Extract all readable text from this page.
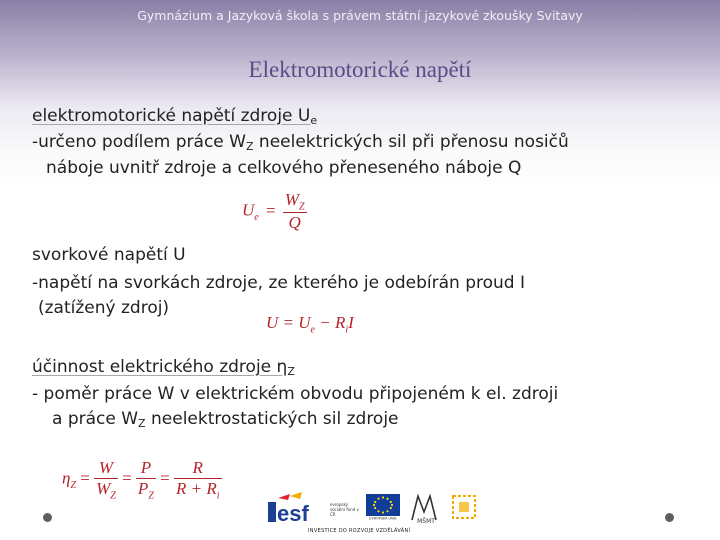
Gymnázium a Jazyková škola s právem státní jazykové zkoušky Svitavy
Elektromotorické napětí
elektromotorické napětí zdroje $U_e$
-určeno podílem práce $W_Z$ neelektrických sil při přenosu nosičů
náboje uvnitř zdroje a celkového přeneseného náboje Q
$U_e = \frac{W_Z}{Q}$
svorkové napětí U
-napětí na svorkách zdroje, ze kterého je odebírán proud I
(zatížený zdroj)
$U = U_e - R_iI$
účinnost elektrického zdroje $\eta_Z$
- poměr práce W v elektrickém obvodu připojeném k el. zdroji
a práce $W_Z$ neelektrostatických sil zdroje
$\eta_Z = \frac{W}{W_Z} = \frac{P}{P_Z} = \frac{R}{R + R_i}$
esf	evropský sociální fond v ČR
EVROPSKÁ UNIE	MŠMT
INVESTICE DO ROZVOJE VZDĚLÁVÁNÍ
